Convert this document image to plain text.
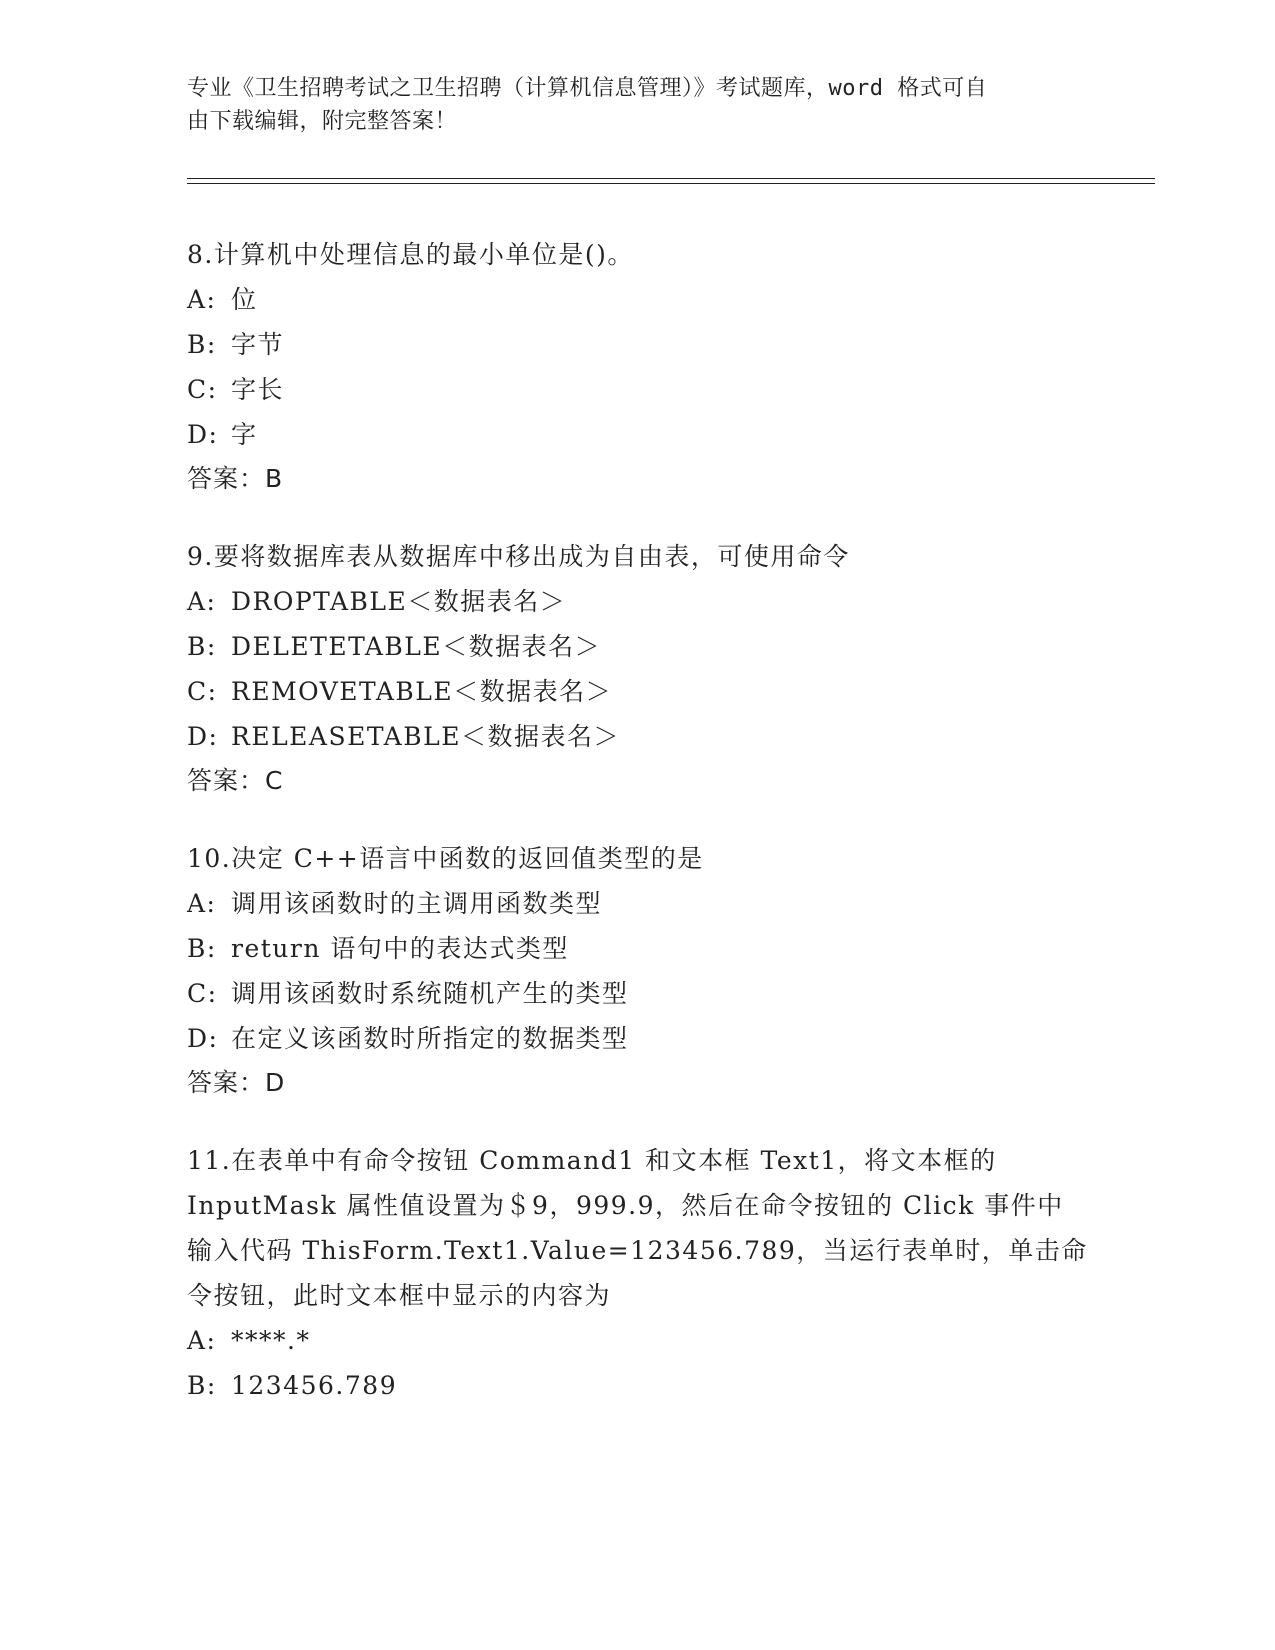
专业《卫生招聘考试之卫生招聘（计算机信息管理）》考试题库，word 格式可自
由下载编辑，附完整答案！
8.计算机中处理信息的最小单位是()。
A: 位
B: 字节
C: 字长
D: 字
答案：B
9.要将数据库表从数据库中移出成为自由表，可使用命令
A: DROPTABLE＜数据表名＞
B: DELETETABLE＜数据表名＞
C: REMOVETABLE＜数据表名＞
D: RELEASETABLE＜数据表名＞
答案：C
10.决定 C++语言中函数的返回值类型的是
A: 调用该函数时的主调用函数类型
B: return 语句中的表达式类型
C: 调用该函数时系统随机产生的类型
D: 在定义该函数时所指定的数据类型
答案：D
11.在表单中有命令按钮 Command1 和文本框 Text1，将文本框的
InputMask 属性值设置为＄9，999.9，然后在命令按钮的 Click 事件中
输入代码 ThisForm.Text1.Value=123456.789，当运行表单时，单击命
令按钮，此时文本框中显示的内容为
A: ****.*
B: 123456.789
